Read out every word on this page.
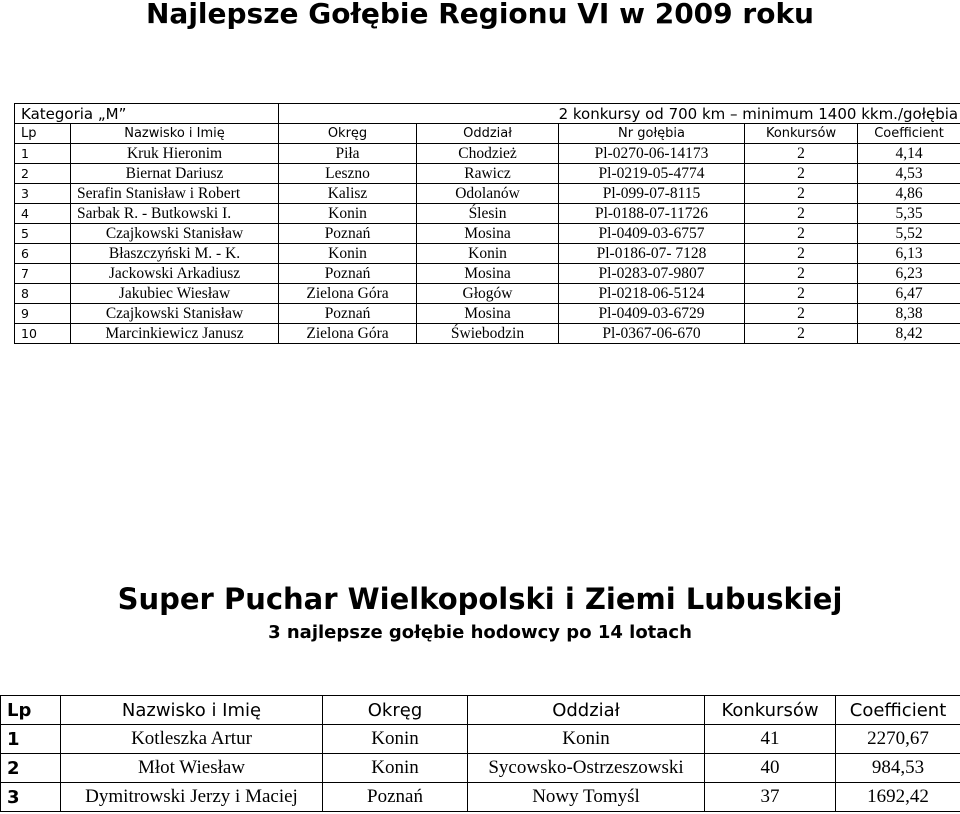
Najlepsze Gołębie Regionu VI w 2009 roku
Kategoria „M”		2 konkursy od 700 km – minimum 1400 kkm./gołębia				
Lp	Nazwisko i Imię	Okręg	Oddział	Nr gołębia	Konkursów	Coefficient
1	Kruk Hieronim	Piła	Chodzież	Pl-0270-06-14173	2	4,14
2	Biernat Dariusz	Leszno	Rawicz	Pl-0219-05-4774	2	4,53
3	Serafin Stanisław i Robert	Kalisz	Odolanów	Pl-099-07-8115	2	4,86
4	Sarbak R. - Butkowski I.	Konin	Ślesin	Pl-0188-07-11726	2	5,35
5	Czajkowski Stanisław	Poznań	Mosina	Pl-0409-03-6757	2	5,52
6	Błaszczyński M. - K.	Konin	Konin	Pl-0186-07- 7128	2	6,13
7	Jackowski Arkadiusz	Poznań	Mosina	Pl-0283-07-9807	2	6,23
8	Jakubiec Wiesław	Zielona Góra	Głogów	Pl-0218-06-5124	2	6,47
9	Czajkowski Stanisław	Poznań	Mosina	Pl-0409-03-6729	2	8,38
10	Marcinkiewicz Janusz	Zielona Góra	Świebodzin	Pl-0367-06-670	2	8,42
Super Puchar Wielkopolski i Ziemi Lubuskiej
3 najlepsze gołębie hodowcy po 14 lotach
Lp	Nazwisko i Imię	Okręg	Oddział	Konkursów	Coefficient
1	Kotleszka Artur	Konin	Konin	41	2270,67
2	Młot Wiesław	Konin	Sycowsko-Ostrzeszowski	40	984,53
3	Dymitrowski Jerzy i Maciej	Poznań	Nowy Tomyśl	37	1692,42
